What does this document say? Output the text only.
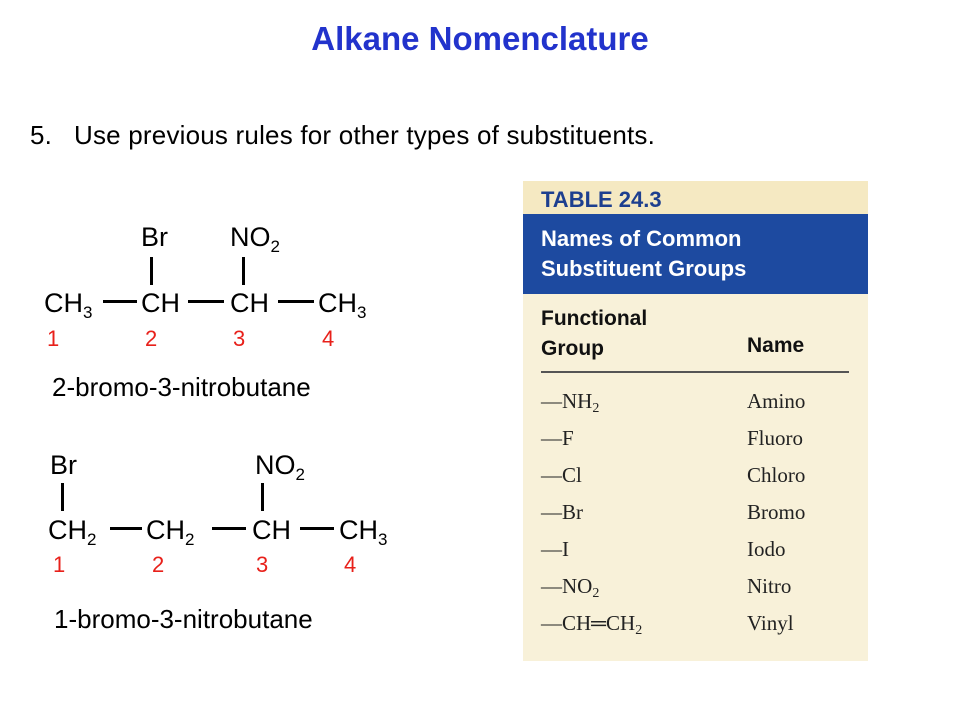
Alkane Nomenclature
5. Use previous rules for other types of substituents.
Br $NO_2$
$CH_3$ CH CH $CH_3$
1	2	3	4
2-bromo-3-nitrobutane
Br	$NO_2$
$CH_2$ $CH_2$ CH $CH_3$
1	2	3	4
1-bromo-3-nitrobutane
TABLE 24.3
Names of Common
Substituent Groups
Functional
Group	Name
$—NH_2$	Amino
—F	Fluoro
—Cl	Chloro
—Br	Bromo
—I	Iodo
$—NO_2$	Nitro
$—CH═CH_2$	Vinyl
